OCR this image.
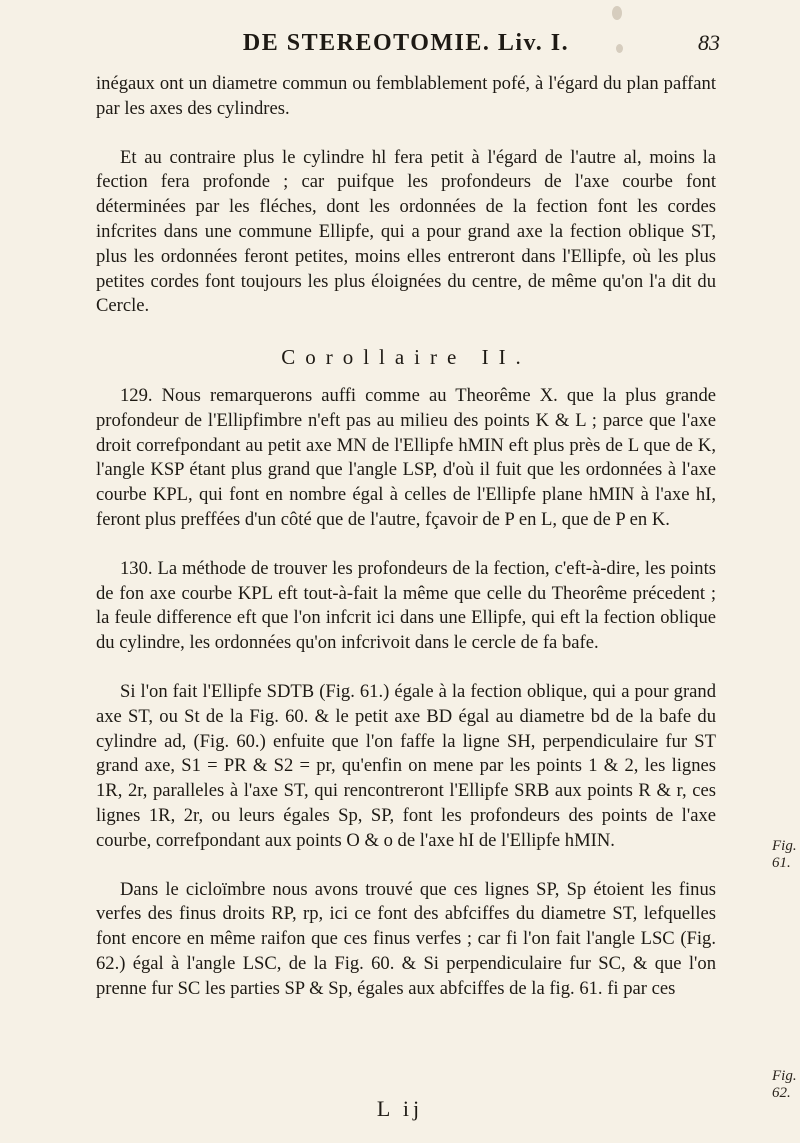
DE STEREOTOMIE. Liv. I.	83

inégaux ont un diametre commun ou femblablement pofé, à l'égard du plan paffant par les axes des cylindres.

Et au contraire plus le cylindre hl fera petit à l'égard de l'autre al, moins la fection fera profonde ; car puifque les profondeurs de l'axe courbe font déterminées par les fléches, dont les ordonnées de la fection font les cordes infcrites dans une commune Ellipfe, qui a pour grand axe la fection oblique ST, plus les ordonnées feront petites, moins elles entreront dans l'Ellipfe, où les plus petites cordes font toujours les plus éloignées du centre, de même qu'on l'a dit du Cercle.

Corollaire II.

129. Nous remarquerons auffi comme au Theorême X. que la plus grande profondeur de l'Ellipfimbre n'eft pas au milieu des points K & L ; parce que l'axe droit correfpondant au petit axe MN de l'Ellipfe hMIN eft plus près de L que de K, l'angle KSP étant plus grand que l'angle LSP, d'où il fuit que les ordonnées à l'axe courbe KPL, qui font en nombre égal à celles de l'Ellipfe plane hMIN à l'axe hI, feront plus preffées d'un côté que de l'autre, fçavoir de P en L, que de P en K.

130. La méthode de trouver les profondeurs de la fection, c'eft-à-dire, les points de fon axe courbe KPL eft tout-à-fait la même que celle du Theorême précedent ; la feule difference eft que l'on infcrit ici dans une Ellipfe, qui eft la fection oblique du cylindre, les ordonnées qu'on infcrivoit dans le cercle de fa bafe.

Si l'on fait l'Ellipfe SDTB (Fig. 61.) égale à la fection oblique, qui a pour grand axe ST, ou St de la Fig. 60. & le petit axe BD égal au diametre bd de la bafe du cylindre ad, (Fig. 60.) enfuite que l'on faffe la ligne SH, perpendiculaire fur ST grand axe, S1 = PR & S2 = pr, qu'enfin on mene par les points 1 & 2, les lignes 1R, 2r, paralleles à l'axe ST, qui rencontreront l'Ellipfe SRB aux points R & r, ces lignes 1R, 2r, ou leurs égales Sp, SP, font les profondeurs des points de l'axe courbe, correfpondant aux points O & o de l'axe hI de l'Ellipfe hMIN.

Dans le cicloïmbre nous avons trouvé que ces lignes SP, Sp étoient les finus verfes des finus droits RP, rp, ici ce font des abfciffes du diametre ST, lefquelles font encore en même raifon que ces finus verfes ; car fi l'on fait l'angle LSC (Fig. 62.) égal à l'angle LSC, de la Fig. 60. & Si perpendiculaire fur SC, & que l'on prenne fur SC les parties SP & Sp, égales aux abfciffes de la fig. 61. fi par ces

Fig. 61.
Fig. 62.
L ij
